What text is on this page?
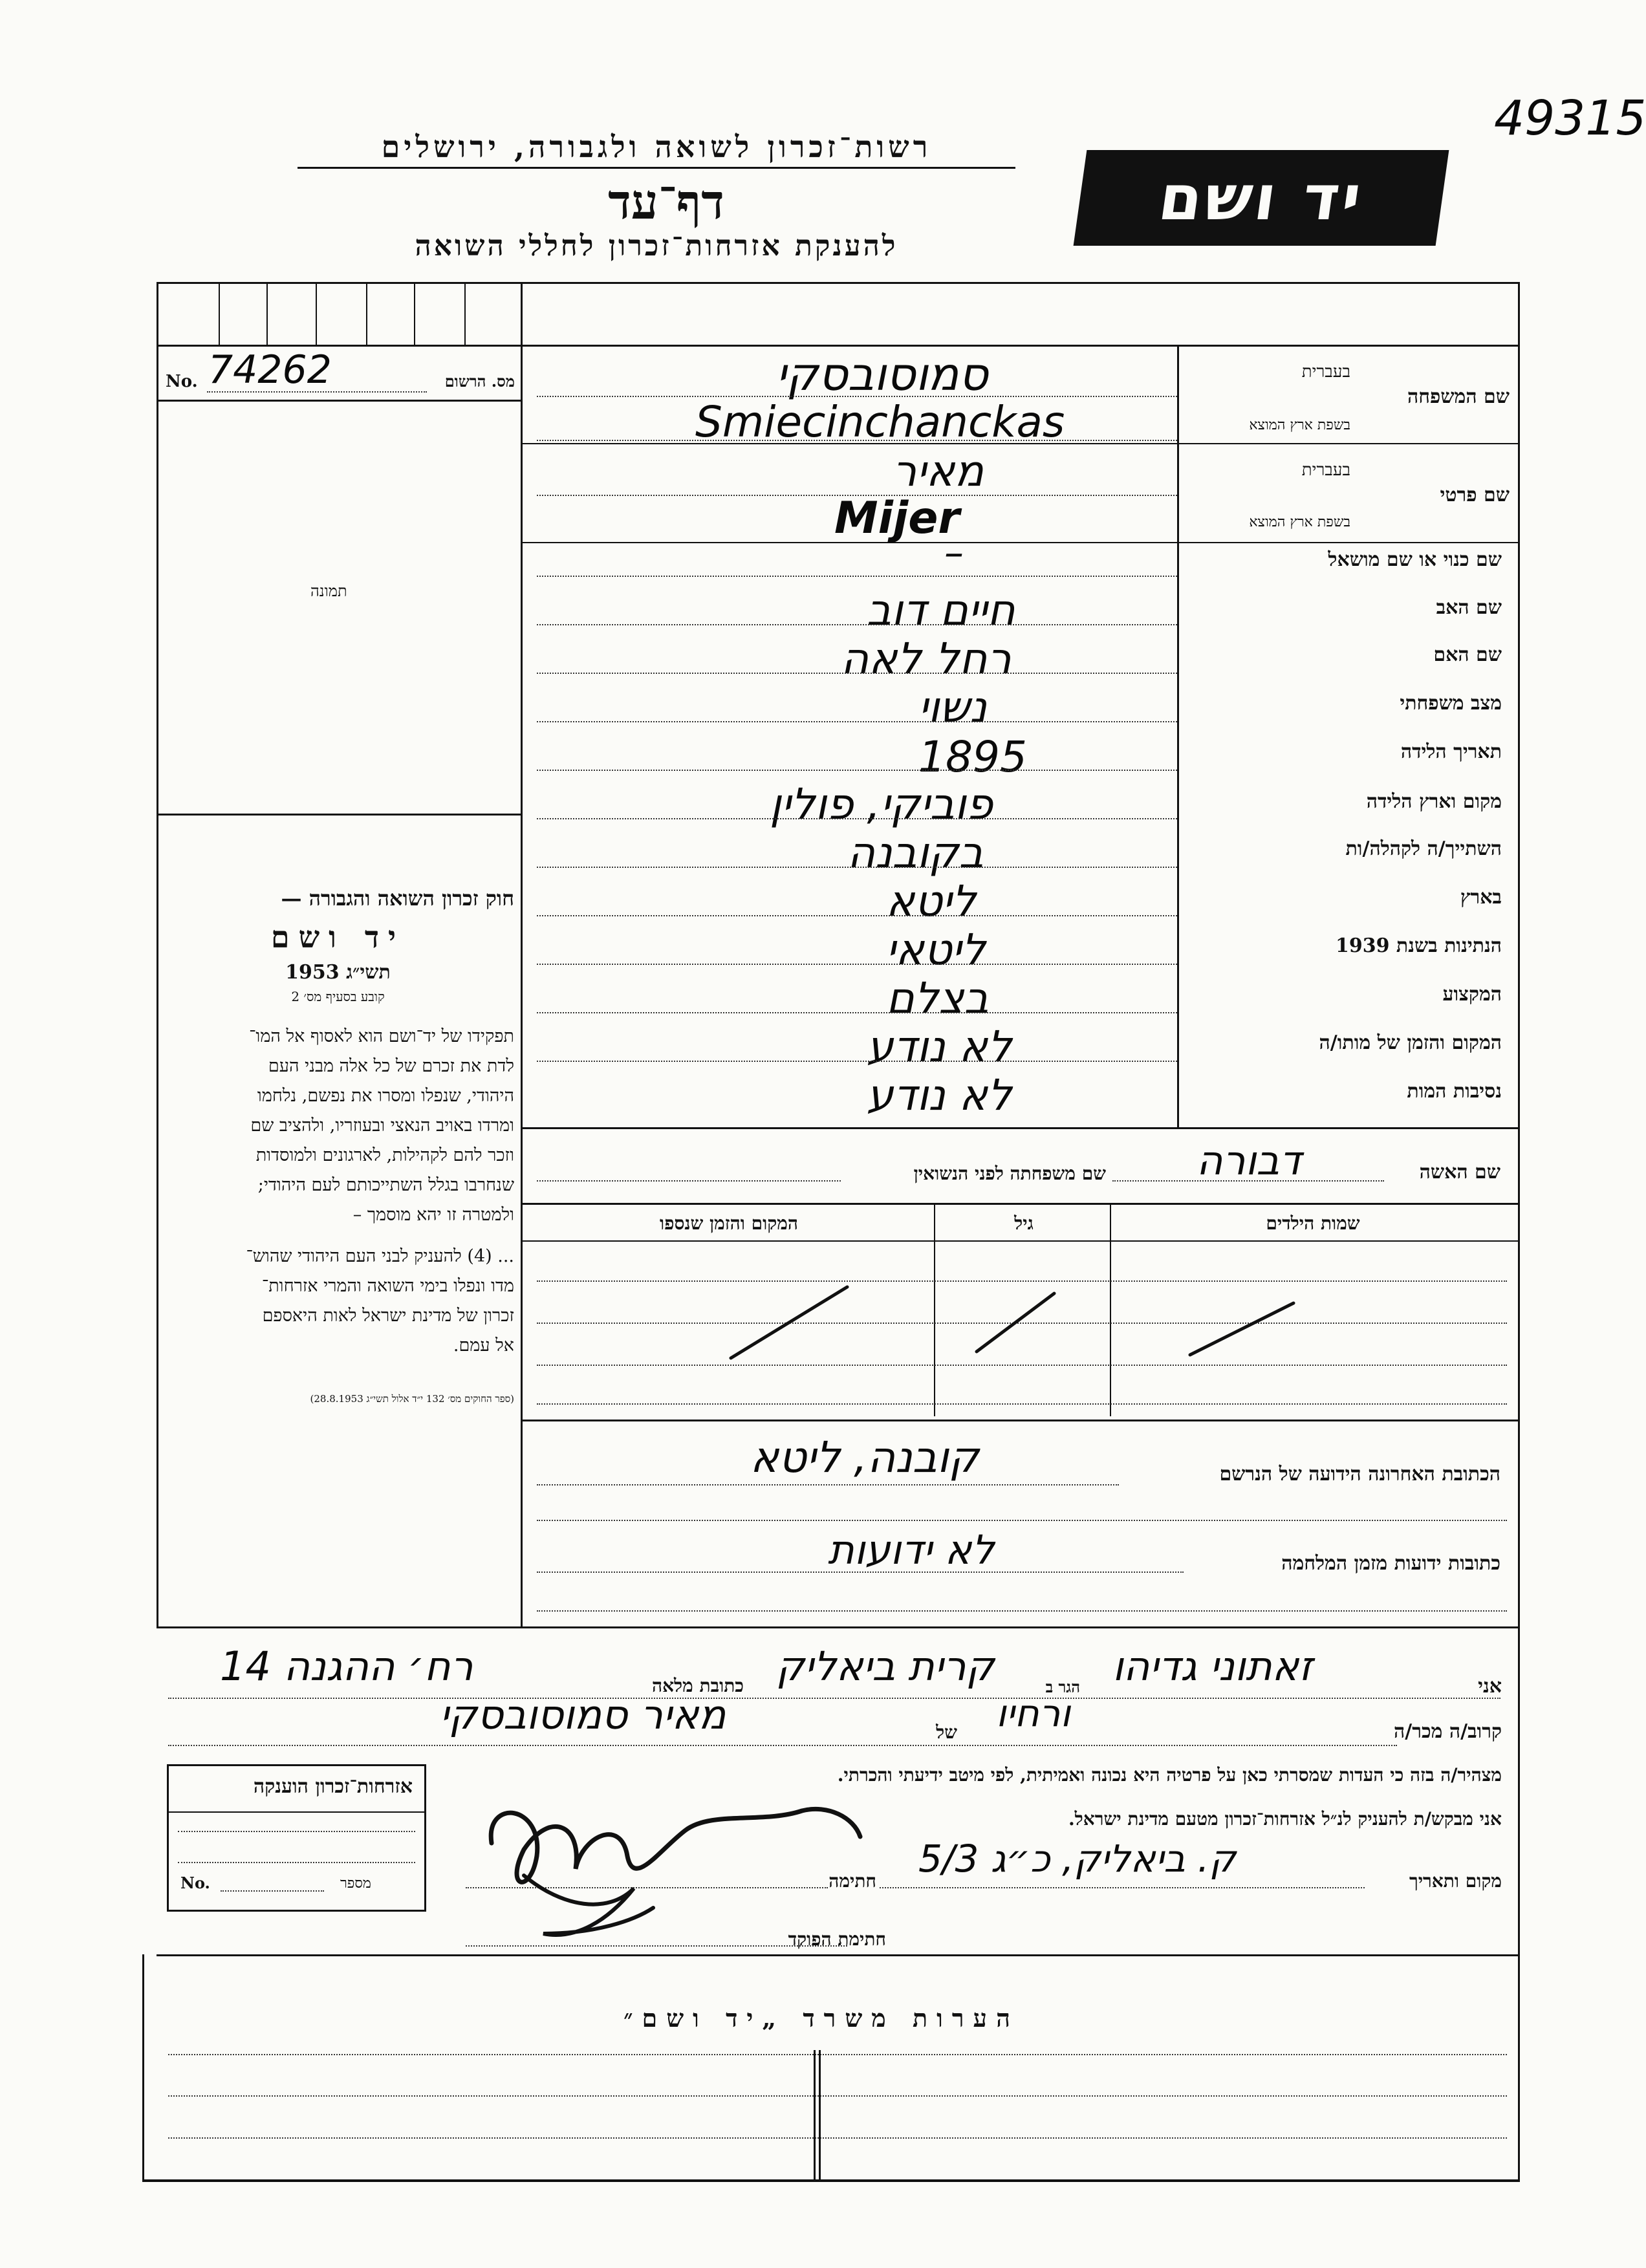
49315
רשות־זכרון לשואה ולגבורה, ירושלים
דף־עד
להענקת אזרחות־זכרון לחללי השואה
יד ושם
No. 74262	מס. הרשום
תמונה

חוק זכרון השואה והגבורה —

יד ושם

תשי״ג 1953

קובע בסעיף מס׳ 2

תפקידו של יד־ושם הוא לאסוף אל המו־

לדת את זכרם של כל אלה מבני העם

היהודי, שנפלו ומסרו את נפשם, נלחמו

ומרדו באויב הנאצי ובעוזריו, ולהציב שם

וזכר להם לקהילות, לארגונים ולמוסדות

שנחרבו בגלל השתייכותם לעם היהודי;

ולמטרה זו יהא מוסמך –

... (4) להעניק לבני העם היהודי שהוש־

מדו ונפלו בימי השואה והמרי אזרחות־

זכרון של מדינת ישראל לאות היאספם

אל עמם.

(ספר החוקים מס׳ 132 י״ד אלול תשי״ג 28.8.1953)

שם המשפחה
בעברית
בשפת ארץ המוצא
סמוסובסקי
Smiecinchanckas
שם פרטי
בעברית
בשפת ארץ המוצא
מאיר
Mijer
שם כנוי או שם מושאל
–
שם האב
חיים דוב
שם האם
רחל לאה
מצב משפחתי
נשוי
תאריך הלידה
1895
מקום וארץ הלידה
פוביקי, פולין
השתייך/ה לקהלה/ות
בקובנה
בארץ
ליטא
הנתינות בשנת 1939
ליטאי
המקצוע
בצלם
המקום והזמן של מותו/ה
לא נודע
נסיבות המות
לא נודע
שם האשה
דבורה
שם משפחתה לפני הנשואין
שמות הילדים
גיל
המקום והזמן שנספו
הכתובת האחרונה הידועה של הנרשם
קובנה, ליטא
כתובות ידועות מזמן המלחמה
לא ידועות
אני
זאתוני גדיהו
הגר ב
קרית ביאליק
כתובת מלאה
רח׳ ההגנה 14
קרוב/ה מכר/ה
ורחיו
של
מאיר סמוסובסקי
מצהיר/ה בזה כי העדות שמסרתי כאן על פרטיה היא נכונה ואמיתית, לפי מיטב ידיעתי והכרתי.
אני מבקש/ת להעניק לנ״ל אזרחות־זכרון מטעם מדינת ישראל.
מקום ותאריך
ק. ביאליק, כ״ג 5/3
חתימה
חתימת הפוקד
אזרחות־זכרון הוענקה
No.	מספר
הערות משרד „יד ושם״
